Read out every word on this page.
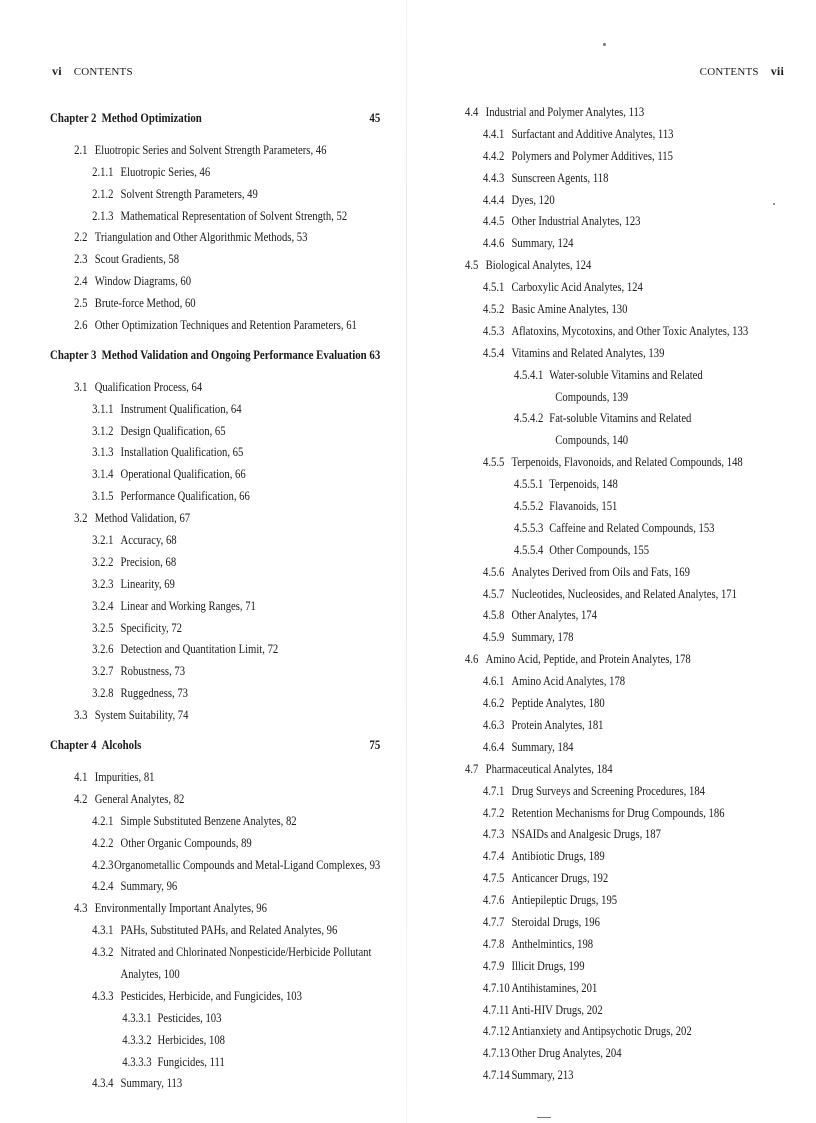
vi CONTENTS
Chapter 2 Method Optimization	45
2.1 Eluotropic Series and Solvent Strength Parameters, 46
2.1.1 Eluotropic Series, 46
2.1.2 Solvent Strength Parameters, 49
2.1.3 Mathematical Representation of Solvent Strength, 52
2.2 Triangulation and Other Algorithmic Methods, 53
2.3 Scout Gradients, 58
2.4 Window Diagrams, 60
2.5 Brute-force Method, 60
2.6 Other Optimization Techniques and Retention Parameters, 61
Chapter 3 Method Validation and Ongoing Performance Evaluation 63
3.1 Qualification Process, 64
3.1.1 Instrument Qualification, 64
3.1.2 Design Qualification, 65
3.1.3 Installation Qualification, 65
3.1.4 Operational Qualification, 66
3.1.5 Performance Qualification, 66
3.2 Method Validation, 67
3.2.1 Accuracy, 68
3.2.2 Precision, 68
3.2.3 Linearity, 69
3.2.4 Linear and Working Ranges, 71
3.2.5 Specificity, 72
3.2.6 Detection and Quantitation Limit, 72
3.2.7 Robustness, 73
3.2.8 Ruggedness, 73
3.3 System Suitability, 74
Chapter 4 Alcohols	75
4.1 Impurities, 81
4.2 General Analytes, 82
4.2.1 Simple Substituted Benzene Analytes, 82
4.2.2 Other Organic Compounds, 89
4.2.3 Organometallic Compounds and Metal-Ligand Complexes, 93
4.2.4 Summary, 96
4.3 Environmentally Important Analytes, 96
4.3.1 PAHs, Substituted PAHs, and Related Analytes, 96
4.3.2 Nitrated and Chlorinated Nonpesticide/Herbicide Pollutant
Analytes, 100
4.3.3 Pesticides, Herbicide, and Fungicides, 103
4.3.3.1 Pesticides, 103
4.3.3.2 Herbicides, 108
4.3.3.3 Fungicides, 111
4.3.4 Summary, 113
CONTENTS vii
4.4 Industrial and Polymer Analytes, 113
4.4.1 Surfactant and Additive Analytes, 113
4.4.2 Polymers and Polymer Additives, 115
4.4.3 Sunscreen Agents, 118
4.4.4 Dyes, 120
4.4.5 Other Industrial Analytes, 123
4.4.6 Summary, 124
4.5 Biological Analytes, 124
4.5.1 Carboxylic Acid Analytes, 124
4.5.2 Basic Amine Analytes, 130
4.5.3 Aflatoxins, Mycotoxins, and Other Toxic Analytes, 133
4.5.4 Vitamins and Related Analytes, 139
4.5.4.1 Water-soluble Vitamins and Related
Compounds, 139
4.5.4.2 Fat-soluble Vitamins and Related
Compounds, 140
4.5.5 Terpenoids, Flavonoids, and Related Compounds, 148
4.5.5.1 Terpenoids, 148
4.5.5.2 Flavanoids, 151
4.5.5.3 Caffeine and Related Compounds, 153
4.5.5.4 Other Compounds, 155
4.5.6 Analytes Derived from Oils and Fats, 169
4.5.7 Nucleotides, Nucleosides, and Related Analytes, 171
4.5.8 Other Analytes, 174
4.5.9 Summary, 178
4.6 Amino Acid, Peptide, and Protein Analytes, 178
4.6.1 Amino Acid Analytes, 178
4.6.2 Peptide Analytes, 180
4.6.3 Protein Analytes, 181
4.6.4 Summary, 184
4.7 Pharmaceutical Analytes, 184
4.7.1 Drug Surveys and Screening Procedures, 184
4.7.2 Retention Mechanisms for Drug Compounds, 186
4.7.3 NSAIDs and Analgesic Drugs, 187
4.7.4 Antibiotic Drugs, 189
4.7.5 Anticancer Drugs, 192
4.7.6 Antiepileptic Drugs, 195
4.7.7 Steroidal Drugs, 196
4.7.8 Anthelmintics, 198
4.7.9 Illicit Drugs, 199
4.7.10 Antihistamines, 201
4.7.11 Anti-HIV Drugs, 202
4.7.12 Antianxiety and Antipsychotic Drugs, 202
4.7.13 Other Drug Analytes, 204
4.7.14 Summary, 213
